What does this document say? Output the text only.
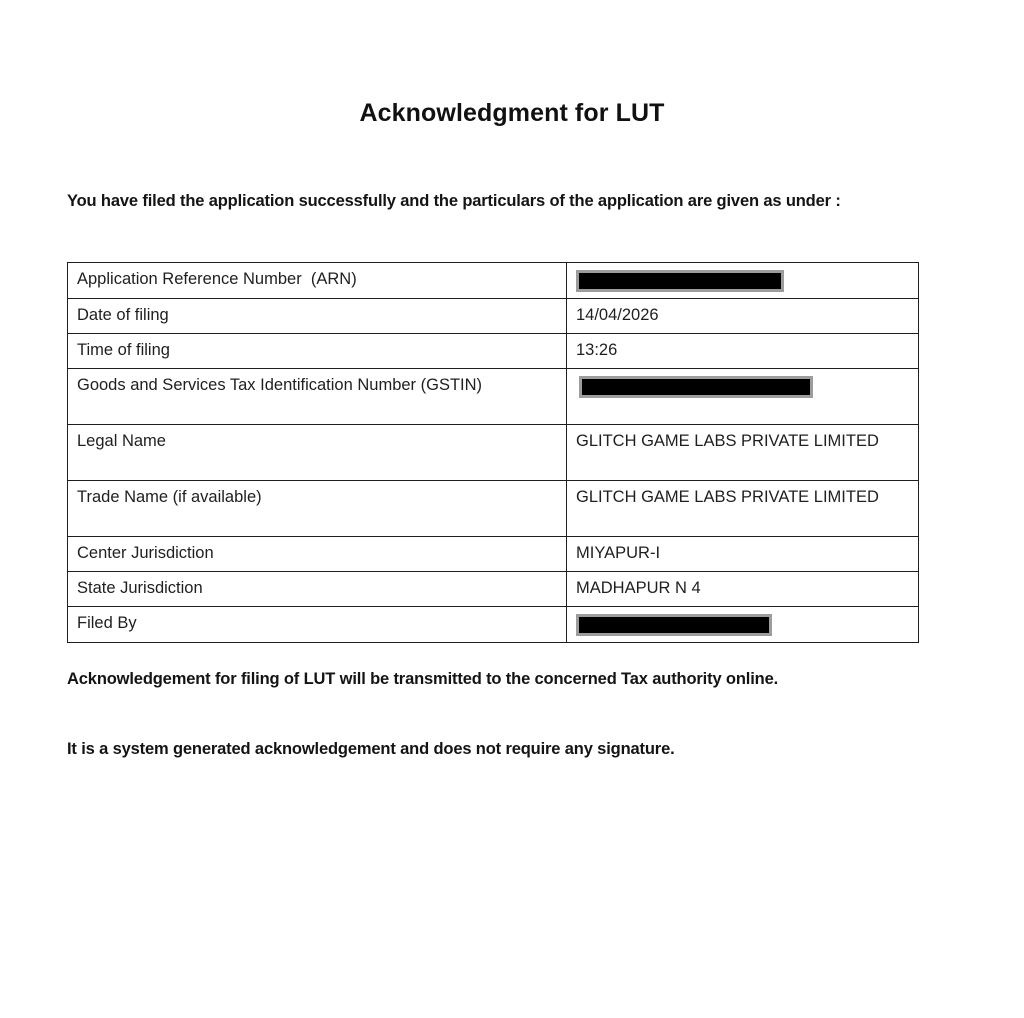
Acknowledgment for LUT
You have filed the application successfully and the particulars of the application are given as under :
Application Reference Number  (ARN)	

Date of filing	14/04/2026

Time of filing	13:26

Goods and Services Tax Identification Number (GSTIN)	

Legal Name	GLITCH GAME LABS PRIVATE LIMITED

Trade Name (if available)	GLITCH GAME LABS PRIVATE LIMITED

Center Jurisdiction	MIYAPUR-I

State Jurisdiction	MADHAPUR N 4

Filed By	

Acknowledgement for filing of LUT will be transmitted to the concerned Tax authority online.
It is a system generated acknowledgement and does not require any signature.
